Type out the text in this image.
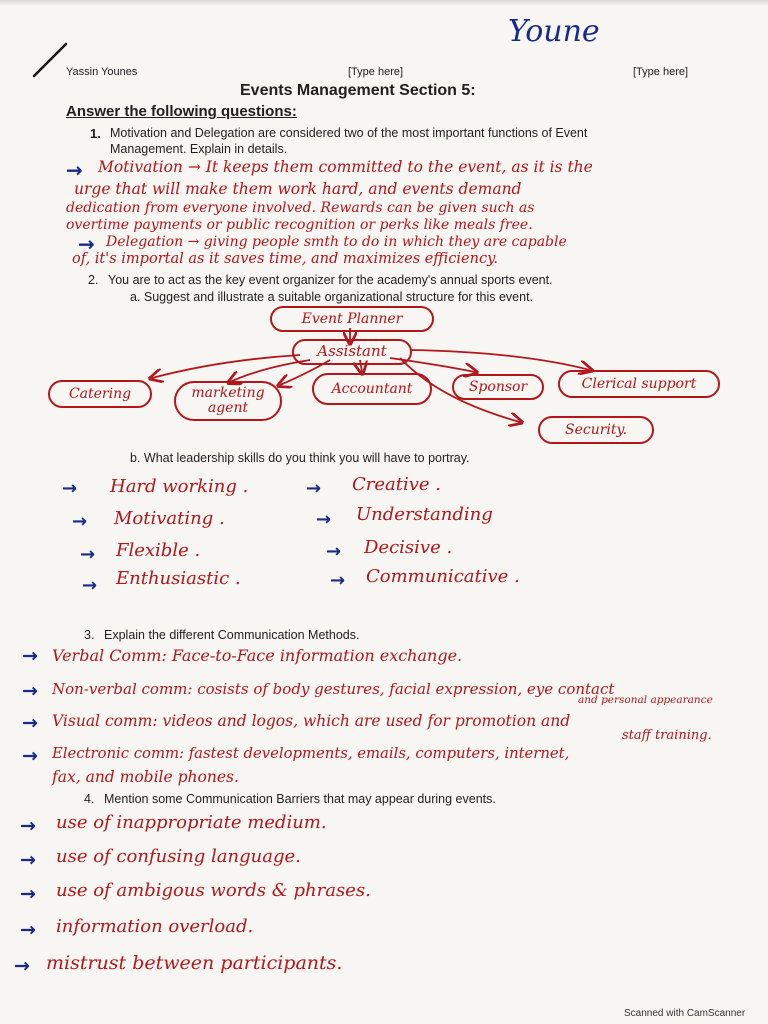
Yassin Younes	[Type here]	[Type here]
Youne
Events Management Section 5:
Answer the following questions:
1. Motivation and Delegation are considered two of the most important functions of Event
Management. Explain in details.
→ Motivation → It keeps them committed to the event, as it is the
urge that will make them work hard, and events demand
dedication from everyone involved. Rewards can be given such as
overtime payments or public recognition or perks like meals free.
→ Delegation → giving people smth to do in which they are capable
of, it's importal as it saves time, and maximizes efficiency.
2. You are to act as the key event organizer for the academy's annual sports event.
a. Suggest and illustrate a suitable organizational structure for this event.
Event Planner
Assistant
Catering	marketing
agent
Accountant	Sponsor	Clerical support
Security.
b. What leadership skills do you think you will have to portray.
→ Hard working .
→ Motivating .
→ Flexible .
→ Enthusiastic .
→ Creative .
→ Understanding
→ Decisive .
→ Communicative .
3. Explain the different Communication Methods.
→ Verbal Comm: Face-to-Face information exchange.
→ Non-verbal comm: cosists of body gestures, facial expression, eye contact
and personal appearance
→ Visual comm: videos and logos, which are used for promotion and
staff training.
→ Electronic comm: fastest developments, emails, computers, internet,
fax, and mobile phones.
4. Mention some Communication Barriers that may appear during events.
→ use of inappropriate medium.
→ use of confusing language.
→ use of ambigous words & phrases.
→ information overload.
→ mistrust between participants.
Scanned with CamScanner
